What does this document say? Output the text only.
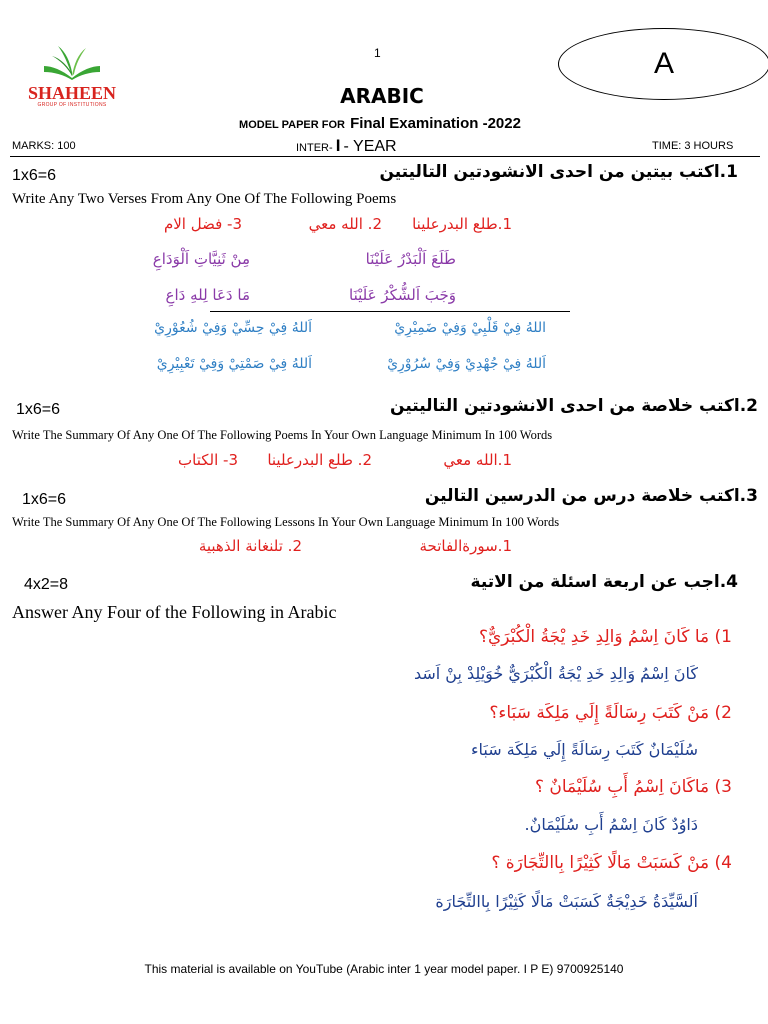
1
SHAHEEN
GROUP OF INSTITUTIONS
A
ARABIC
MODEL PAPER FOR Final Examination -2022
MARKS: 100	INTER- I - YEAR	TIME: 3 HOURS
1x6=6	1.اكتب بيتين من احدى الانشودتين التاليتين
Write Any Two Verses From Any One Of The Following Poems
1.طلع البدرعلينا
2. الله معي
3- فضل الام
طَلَعَ اَلْبَدْرُ عَلَيْنَا
مِنْ ثَنِيَّاتِ اَلْوَدَاعِ
وَجَبَ اَلشُّكْرُ عَلَيْنَا
مَا دَعَا لِلهِ دَاعِ
اللهُ فِيْ قَلْبِيْ وَفِيْ ضَمِيْرِيْ
اَللهُ فِيْ حِسِّيْ وَفِيْ شُعُوْرِيْ
اَللهُ فِيْ جُهْدِيْ وَفِيْ سُرُوْرِيْ
اَللهُ فِيْ صَمْتِيْ وَفِيْ تَعْبِيْرِيْ
1x6=6	2.اكتب خلاصة من احدى الانشودتين التاليتين
Write The Summary Of Any One Of The Following Poems In Your Own Language Minimum In 100 Words
1.الله معي
2. طلع البدرعلينا
3- الكتاب
1x6=6	3.اكتب خلاصة درس من الدرسين التالين
Write The Summary Of Any One Of The Following Lessons In Your Own Language Minimum In 100 Words
1.سورةالفاتحة
2. تلنغانة الذهبية
4x2=8	4.اجب عن اربعة اسئلة من الاتية
Answer Any Four of the Following in Arabic
1) مَا كَانَ اِسْمُ وَالِدِ خَدِ يْجَةُ الْكُبْرَيٌّ؟
كَانَ اِسْمُ وَالِدِ خَدِ يْجَةُ الْكُبْرَيٌّ خُوَيْلِدْ بِنْ اَسَد
2) مَنْ كَتَبَ رِسَالَةً إِلَي مَلِكَة سَبَاء؟
سُلَيْمَانٌ كَتَبَ رِسَالَةً إِلَي مَلِكَة سَبَاء
3) مَاكَانَ اِسْمُ أَبِ سُلَيْمَانٌ ؟
دَاوُدٌ كَانَ اِسْمُ أَبِ سُلَيْمَانٌ.
4) مَنْ كَسَبَتْ مَالًا كَثِيْرًا بِاالتِّجَارَة ؟
اَلسَّيِّدَةُ خَدِيْجَةٌ كَسَبَتْ مَالًا كَثِيْرًا بِاالتِّجَارَة
This material is available on YouTube (Arabic inter 1 year model paper. I P E) 9700925140
